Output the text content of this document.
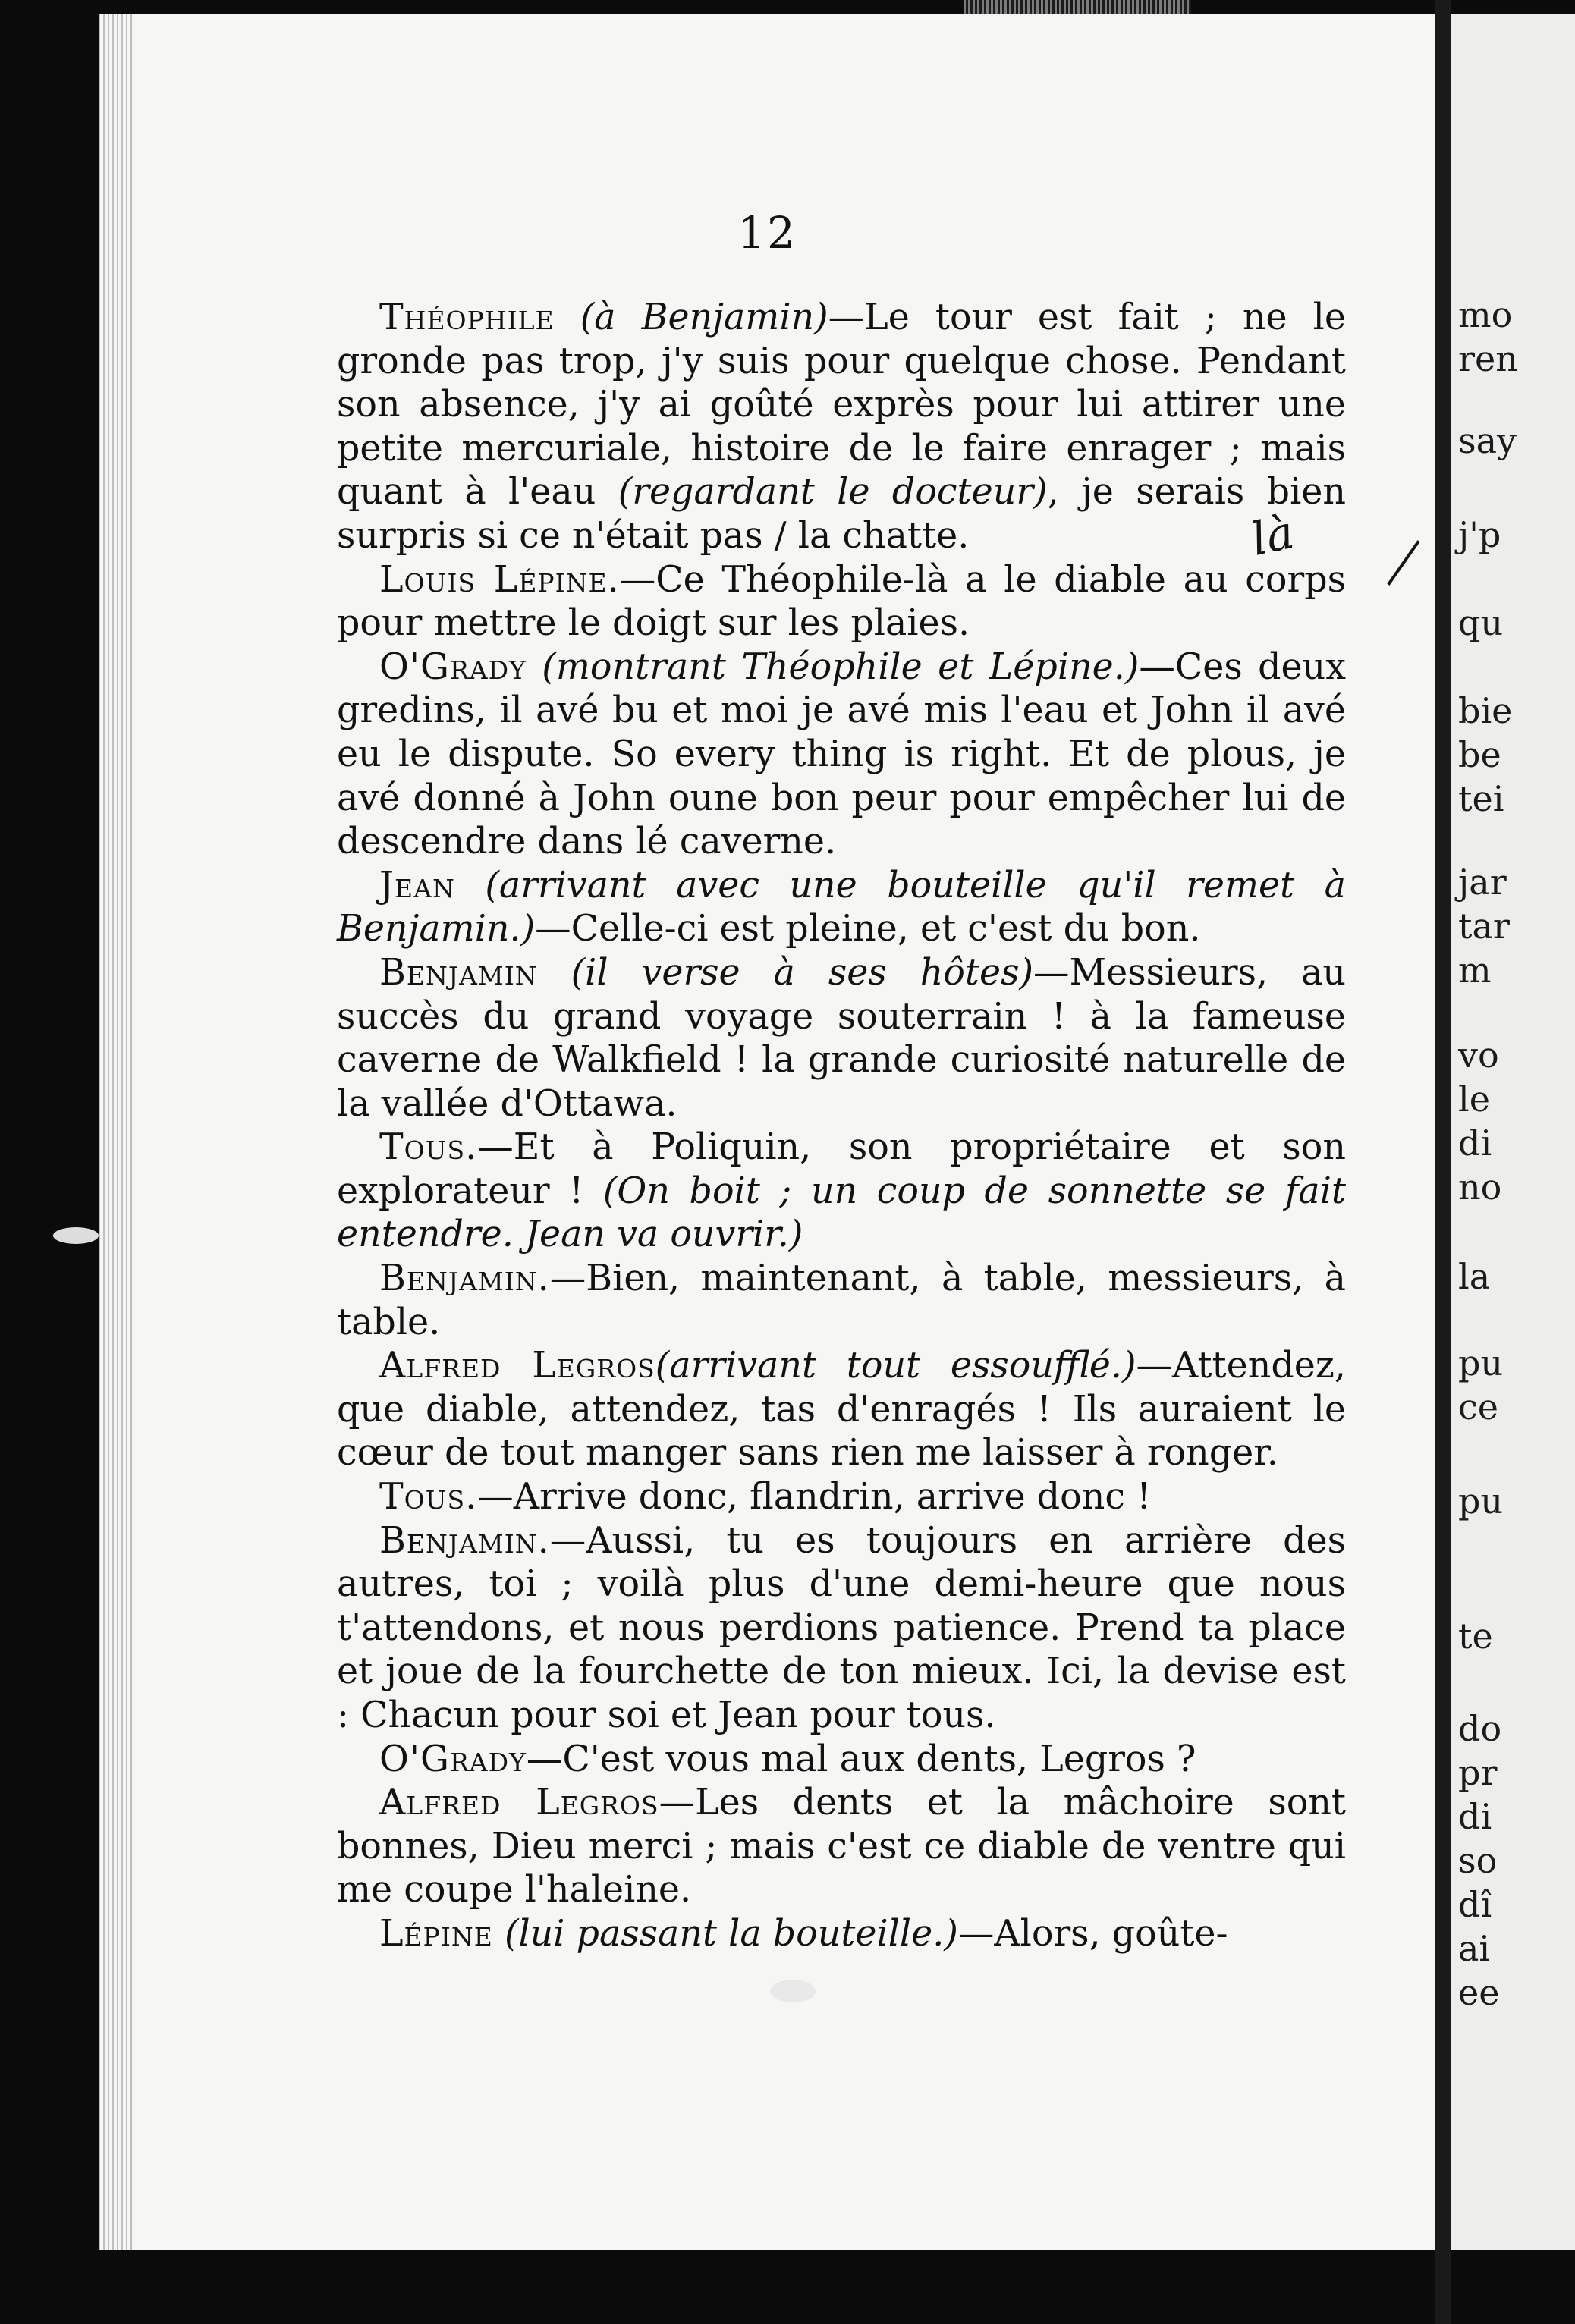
12

Théophile (à Benjamin)—Le tour est fait ; ne le gronde pas trop, j'y suis pour quelque chose. Pendant son absence, j'y ai goûté exprès pour lui attirer une petite mercuriale, histoire de le faire enrager ; mais quant à l'eau (regardant le docteur), je serais bien surpris si ce n'était pas / la chatte.

Louis Lépine.—Ce Théophile-là a le diable au corps pour mettre le doigt sur les plaies.

O'Grady (montrant Théophile et Lépine.)—Ces deux gredins, il avé bu et moi je avé mis l'eau et John il avé eu le dispute. So every thing is right. Et de plous, je avé donné à John oune bon peur pour empêcher lui de descendre dans lé caverne.

Jean (arrivant avec une bouteille qu'il remet à Benjamin.)—Celle-ci est pleine, et c'est du bon.

Benjamin (il verse à ses hôtes)—Messieurs, au succès du grand voyage souterrain ! à la fameuse caverne de Walkfield ! la grande curiosité naturelle de la vallée d'Ottawa.

Tous.—Et à Poliquin, son propriétaire et son explorateur ! (On boit ; un coup de sonnette se fait entendre. Jean va ouvrir.)

Benjamin.—Bien, maintenant, à table, messieurs, à table.

Alfred Legros(arrivant tout essoufflé.)—Attendez, que diable, attendez, tas d'enragés ! Ils auraient le cœur de tout manger sans rien me laisser à ronger.

Tous.—Arrive donc, flandrin, arrive donc !

Benjamin.—Aussi, tu es toujours en arrière des autres, toi ; voilà plus d'une demi-heure que nous t'attendons, et nous perdions patience. Prend ta place et joue de la fourchette de ton mieux. Ici, la devise est : Chacun pour soi et Jean pour tous.

O'Grady—C'est vous mal aux dents, Legros ?

Alfred Legros—Les dents et la mâchoire sont bonnes, Dieu merci ; mais c'est ce diable de ventre qui me coupe l'haleine.

Lépine (lui passant la bouteille.)—Alors, goûte-

là
mo
ren
say
j'p
qu
bie
be
tei
jar
tar
m
vo
le
di
no
la
pu
ce
pu
te
do
pr
di
so
dî
ai
ee
